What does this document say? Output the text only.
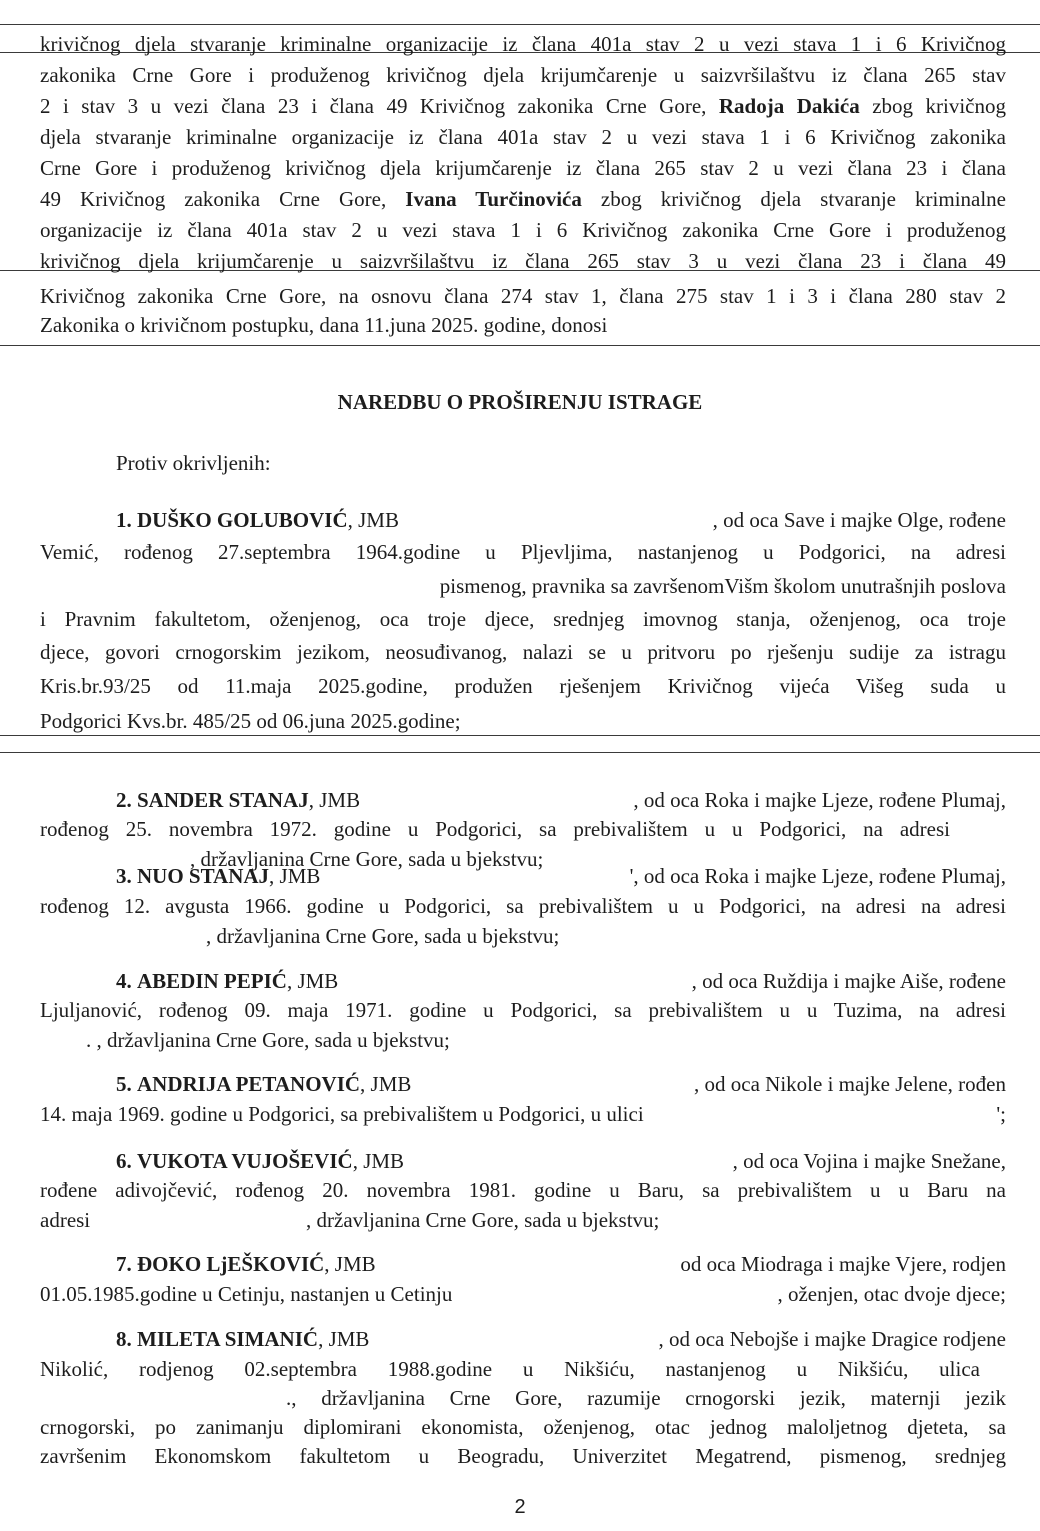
krivičnog djela stvaranje kriminalne organizacije iz člana 401a stav 2 u vezi stava 1 i 6 Krivičnog
zakonika Crne Gore i produženog krivičnog djela krijumčarenje u saizvršilaštvu iz člana 265 stav
2 i stav 3 u vezi člana 23 i člana 49 Krivičnog zakonika Crne Gore, Radoja Dakića zbog krivičnog
djela stvaranje kriminalne organizacije iz člana 401a stav 2 u vezi stava 1 i 6 Krivičnog zakonika
Crne Gore i produženog krivičnog djela krijumčarenje iz člana 265 stav 2 u vezi člana 23 i člana
49 Krivičnog zakonika Crne Gore, Ivana Turčinovića zbog krivičnog djela stvaranje kriminalne
organizacije iz člana 401a stav 2 u vezi stava 1 i 6 Krivičnog zakonika Crne Gore i produženog
krivičnog djela krijumčarenje u saizvršilaštvu iz člana 265 stav 3 u vezi člana 23 i člana 49
Krivičnog zakonika Crne Gore, na osnovu člana 274 stav 1, člana 275 stav 1 i 3 i člana 280 stav 2
Zakonika o krivičnom postupku, dana 11.juna 2025. godine, donosi
NAREDBU O PROŠIRENJU ISTRAGE
Protiv okrivljenih:
1. DUŠKO GOLUBOVIĆ, JMB	, od oca Save i majke Olge, rođene
Vemić, rođenog 27.septembra 1964.godine u Pljevljima, nastanjenog u Podgorici, na adresi
pismenog, pravnika sa završenomVišm školom unutrašnjih poslova
i Pravnim fakultetom, oženjenog, oca troje djece, srednjeg imovnog stanja, oženjenog, oca troje
djece, govori crnogorskim jezikom, neosuđivanog, nalazi se u pritvoru po rješenju sudije za istragu
Kris.br.93/25 od 11.maja 2025.godine, produžen rješenjem Krivičnog vijeća Višeg suda u
Podgorici Kvs.br. 485/25 od 06.juna 2025.godine;
2. SANDER STANAJ, JMB	, od oca Roka i majke Ljeze, rođene Plumaj,
rođenog 25. novembra 1972. godine u Podgorici, sa prebivalištem u u Podgorici, na adresi
, državljanina Crne Gore, sada u bjekstvu;
3. NUO STANAJ, JMB	', od oca Roka i majke Ljeze, rođene Plumaj,
rođenog 12. avgusta 1966. godine u Podgorici, sa prebivalištem u u Podgorici, na adresi na adresi
, državljanina Crne Gore, sada u bjekstvu;
4. ABEDIN PEPIĆ, JMB	, od oca Ruždija i majke Aiše, rođene
Ljuljanović, rođenog 09. maja 1971. godine u Podgorici, sa prebivalištem u u Tuzima, na adresi
. , državljanina Crne Gore, sada u bjekstvu;
5. ANDRIJA PETANOVIĆ, JMB	, od oca Nikole i majke Jelene, rođen
14. maja 1969. godine u Podgorici, sa prebivalištem u Podgorici, u ulici	';
6. VUKOTA VUJOŠEVIĆ, JMB	, od oca Vojina i majke Snežane,
rođene adivojčević, rođenog 20. novembra 1981. godine u Baru, sa prebivalištem u u Baru na
adresi	, državljanina Crne Gore, sada u bjekstvu;
7. ĐOKO LjEŠKOVIĆ, JMB	od oca Miodraga i majke Vjere, rodjen
01.05.1985.godine u Cetinju, nastanjen u Cetinju	, oženjen, otac dvoje djece;
8. MILETA SIMANIĆ, JMB	, od oca Nebojše i majke Dragice rodjene
Nikolić, rodjenog 02.septembra 1988.godine u Nikšiću, nastanjenog u Nikšiću, ulica
., državljanina Crne Gore, razumije crnogorski jezik, maternji jezik
crnogorski, po zanimanju diplomirani ekonomista, oženjenog, otac jednog maloljetnog djeteta, sa
završenim Ekonomskom fakultetom u Beogradu, Univerzitet Megatrend, pismenog, srednjeg
2
